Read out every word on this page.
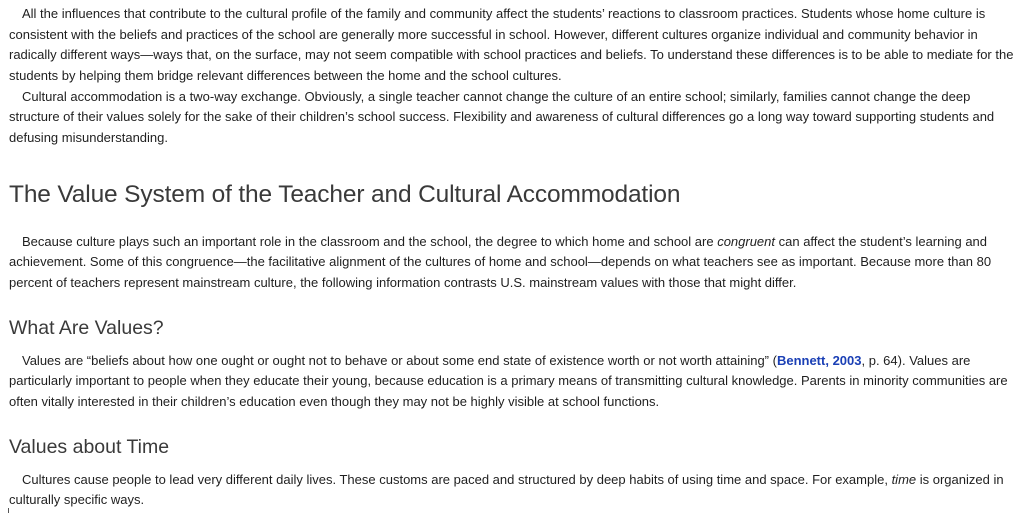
All the influences that contribute to the cultural profile of the family and community affect the students’ reactions to classroom practices. Students whose home culture is consistent with the beliefs and practices of the school are generally more successful in school. However, different cultures organize individual and community behavior in radically different ways—ways that, on the surface, may not seem compatible with school practices and beliefs. To understand these differences is to be able to mediate for the students by helping them bridge relevant differences between the home and the school cultures.

Cultural accommodation is a two-way exchange. Obviously, a single teacher cannot change the culture of an entire school; similarly, families cannot change the deep structure of their values solely for the sake of their children’s school success. Flexibility and awareness of cultural differences go a long way toward supporting students and defusing misunderstanding.

The Value System of the Teacher and Cultural Accommodation

Because culture plays such an important role in the classroom and the school, the degree to which home and school are congruent can affect the student’s learning and achievement. Some of this congruence—the facilitative alignment of the cultures of home and school—depends on what teachers see as important. Because more than 80 percent of teachers represent mainstream culture, the following information contrasts U.S. mainstream values with those that might differ.

What Are Values?

Values are “beliefs about how one ought or ought not to behave or about some end state of existence worth or not worth attaining” (Bennett, 2003, p. 64). Values are particularly important to people when they educate their young, because education is a primary means of transmitting cultural knowledge. Parents in minority communities are often vitally interested in their children’s education even though they may not be highly visible at school functions.

Values about Time

Cultures cause people to lead very different daily lives. These customs are paced and structured by deep habits of using time and space. For example, time is organized in culturally specific ways.
